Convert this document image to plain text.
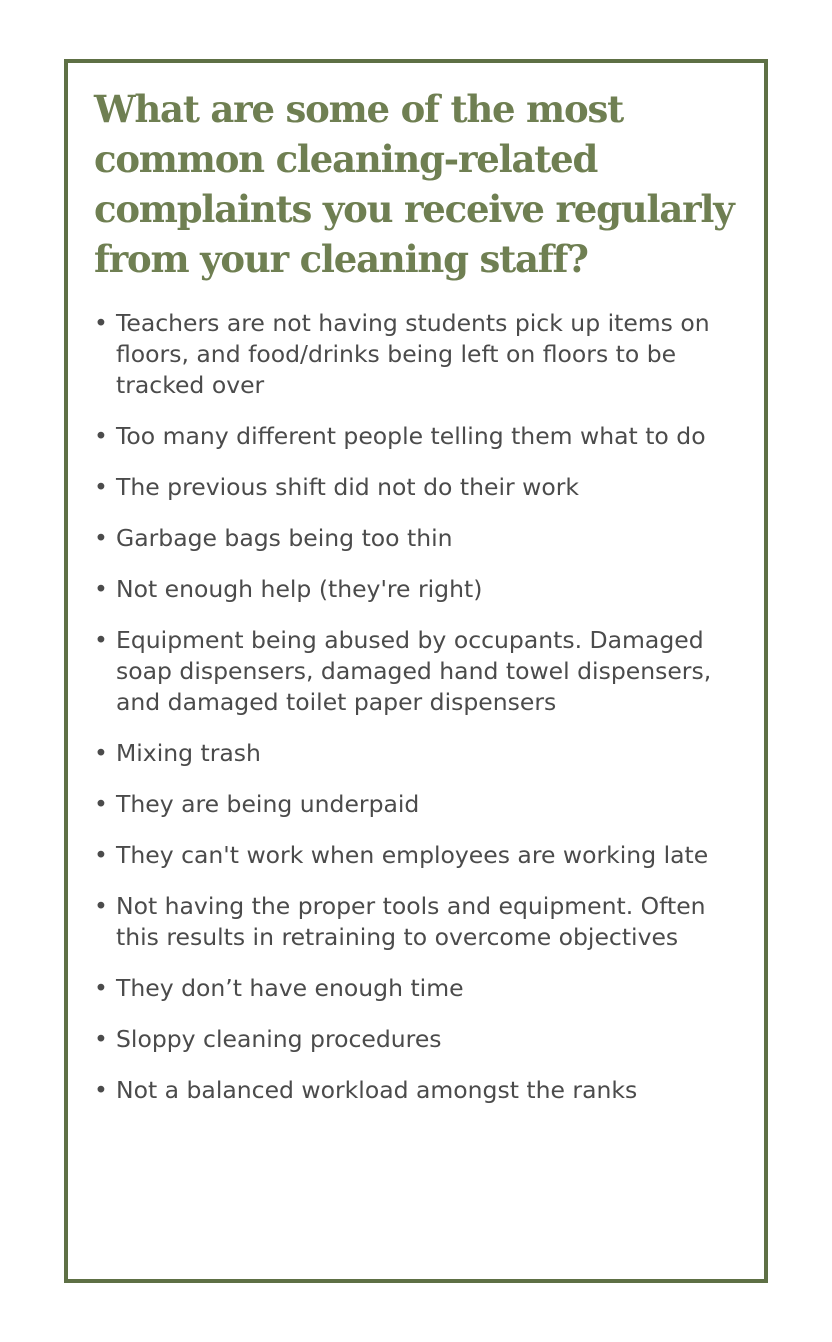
What are some of the most common cleaning-related complaints you receive regularly from your cleaning staff?
• Teachers are not having students pick up items on floors, and food/drinks being left on floors to be tracked over
• Too many different people telling them what to do
• The previous shift did not do their work
• Garbage bags being too thin
• Not enough help (they're right)
• Equipment being abused by occupants. Damaged soap dispensers, damaged hand towel dispensers, and damaged toilet paper dispensers
• Mixing trash
• They are being underpaid
• They can't work when employees are working late
• Not having the proper tools and equipment. Often this results in retraining to overcome objectives
• They don’t have enough time
• Sloppy cleaning procedures
• Not a balanced workload amongst the ranks
